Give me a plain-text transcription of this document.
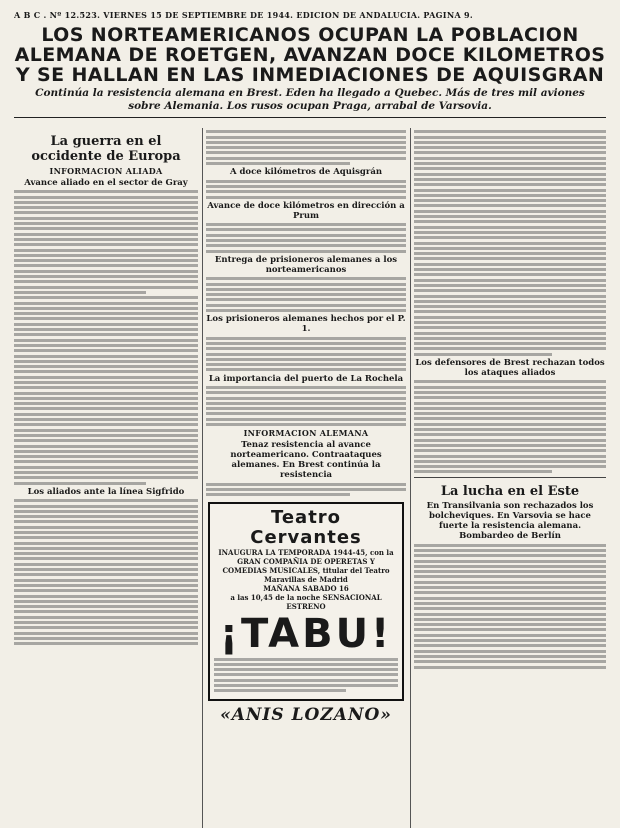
A B C . Nº 12.523. VIERNES 15 DE SEPTIEMBRE DE 1944. EDICION DE ANDALUCIA. PAGINA 9.
LOS NORTEAMERICANOS OCUPAN LA POBLACION ALEMANA DE ROETGEN, AVANZAN DOCE KILOMETROS Y SE HALLAN EN LAS INMEDIACIONES DE AQUISGRAN
Continúa la resistencia alemana en Brest. Eden ha llegado a Quebec. Más de tres mil aviones sobre Alemania. Los rusos ocupan Praga, arrabal de Varsovia.
La guerra en el occidente de Europa
INFORMACION ALIADA
Avance aliado en el sector de Gray
Los aliados ante la línea Sigfrido
A doce kilómetros de Aquisgrán
Avance de doce kilómetros en dirección a Prum
Entrega de prisioneros alemanes a los norteamericanos
Los prisioneros alemanes hechos por el P. 1.
La importancia del puerto de La Rochela
INFORMACION ALEMANA
Tenaz resistencia al avance norteamericano. Contraataques alemanes. En Brest continúa la resistencia
Teatro Cervantes
INAUGURA LA TEMPORADA 1944-45, con la
GRAN COMPAÑIA DE OPERETAS Y COMEDIAS MUSICALES, titular del Teatro Maravillas de Madrid
MAÑANA SABADO 16
a las 10,45 de la noche SENSACIONAL ESTRENO
¡TABU!
«ANIS LOZANO»
Los defensores de Brest rechazan todos los ataques aliados
La lucha en el Este
En Transilvania son rechazados los bolcheviques. En Varsovia se hace fuerte la resistencia alemana. Bombardeo de Berlín
